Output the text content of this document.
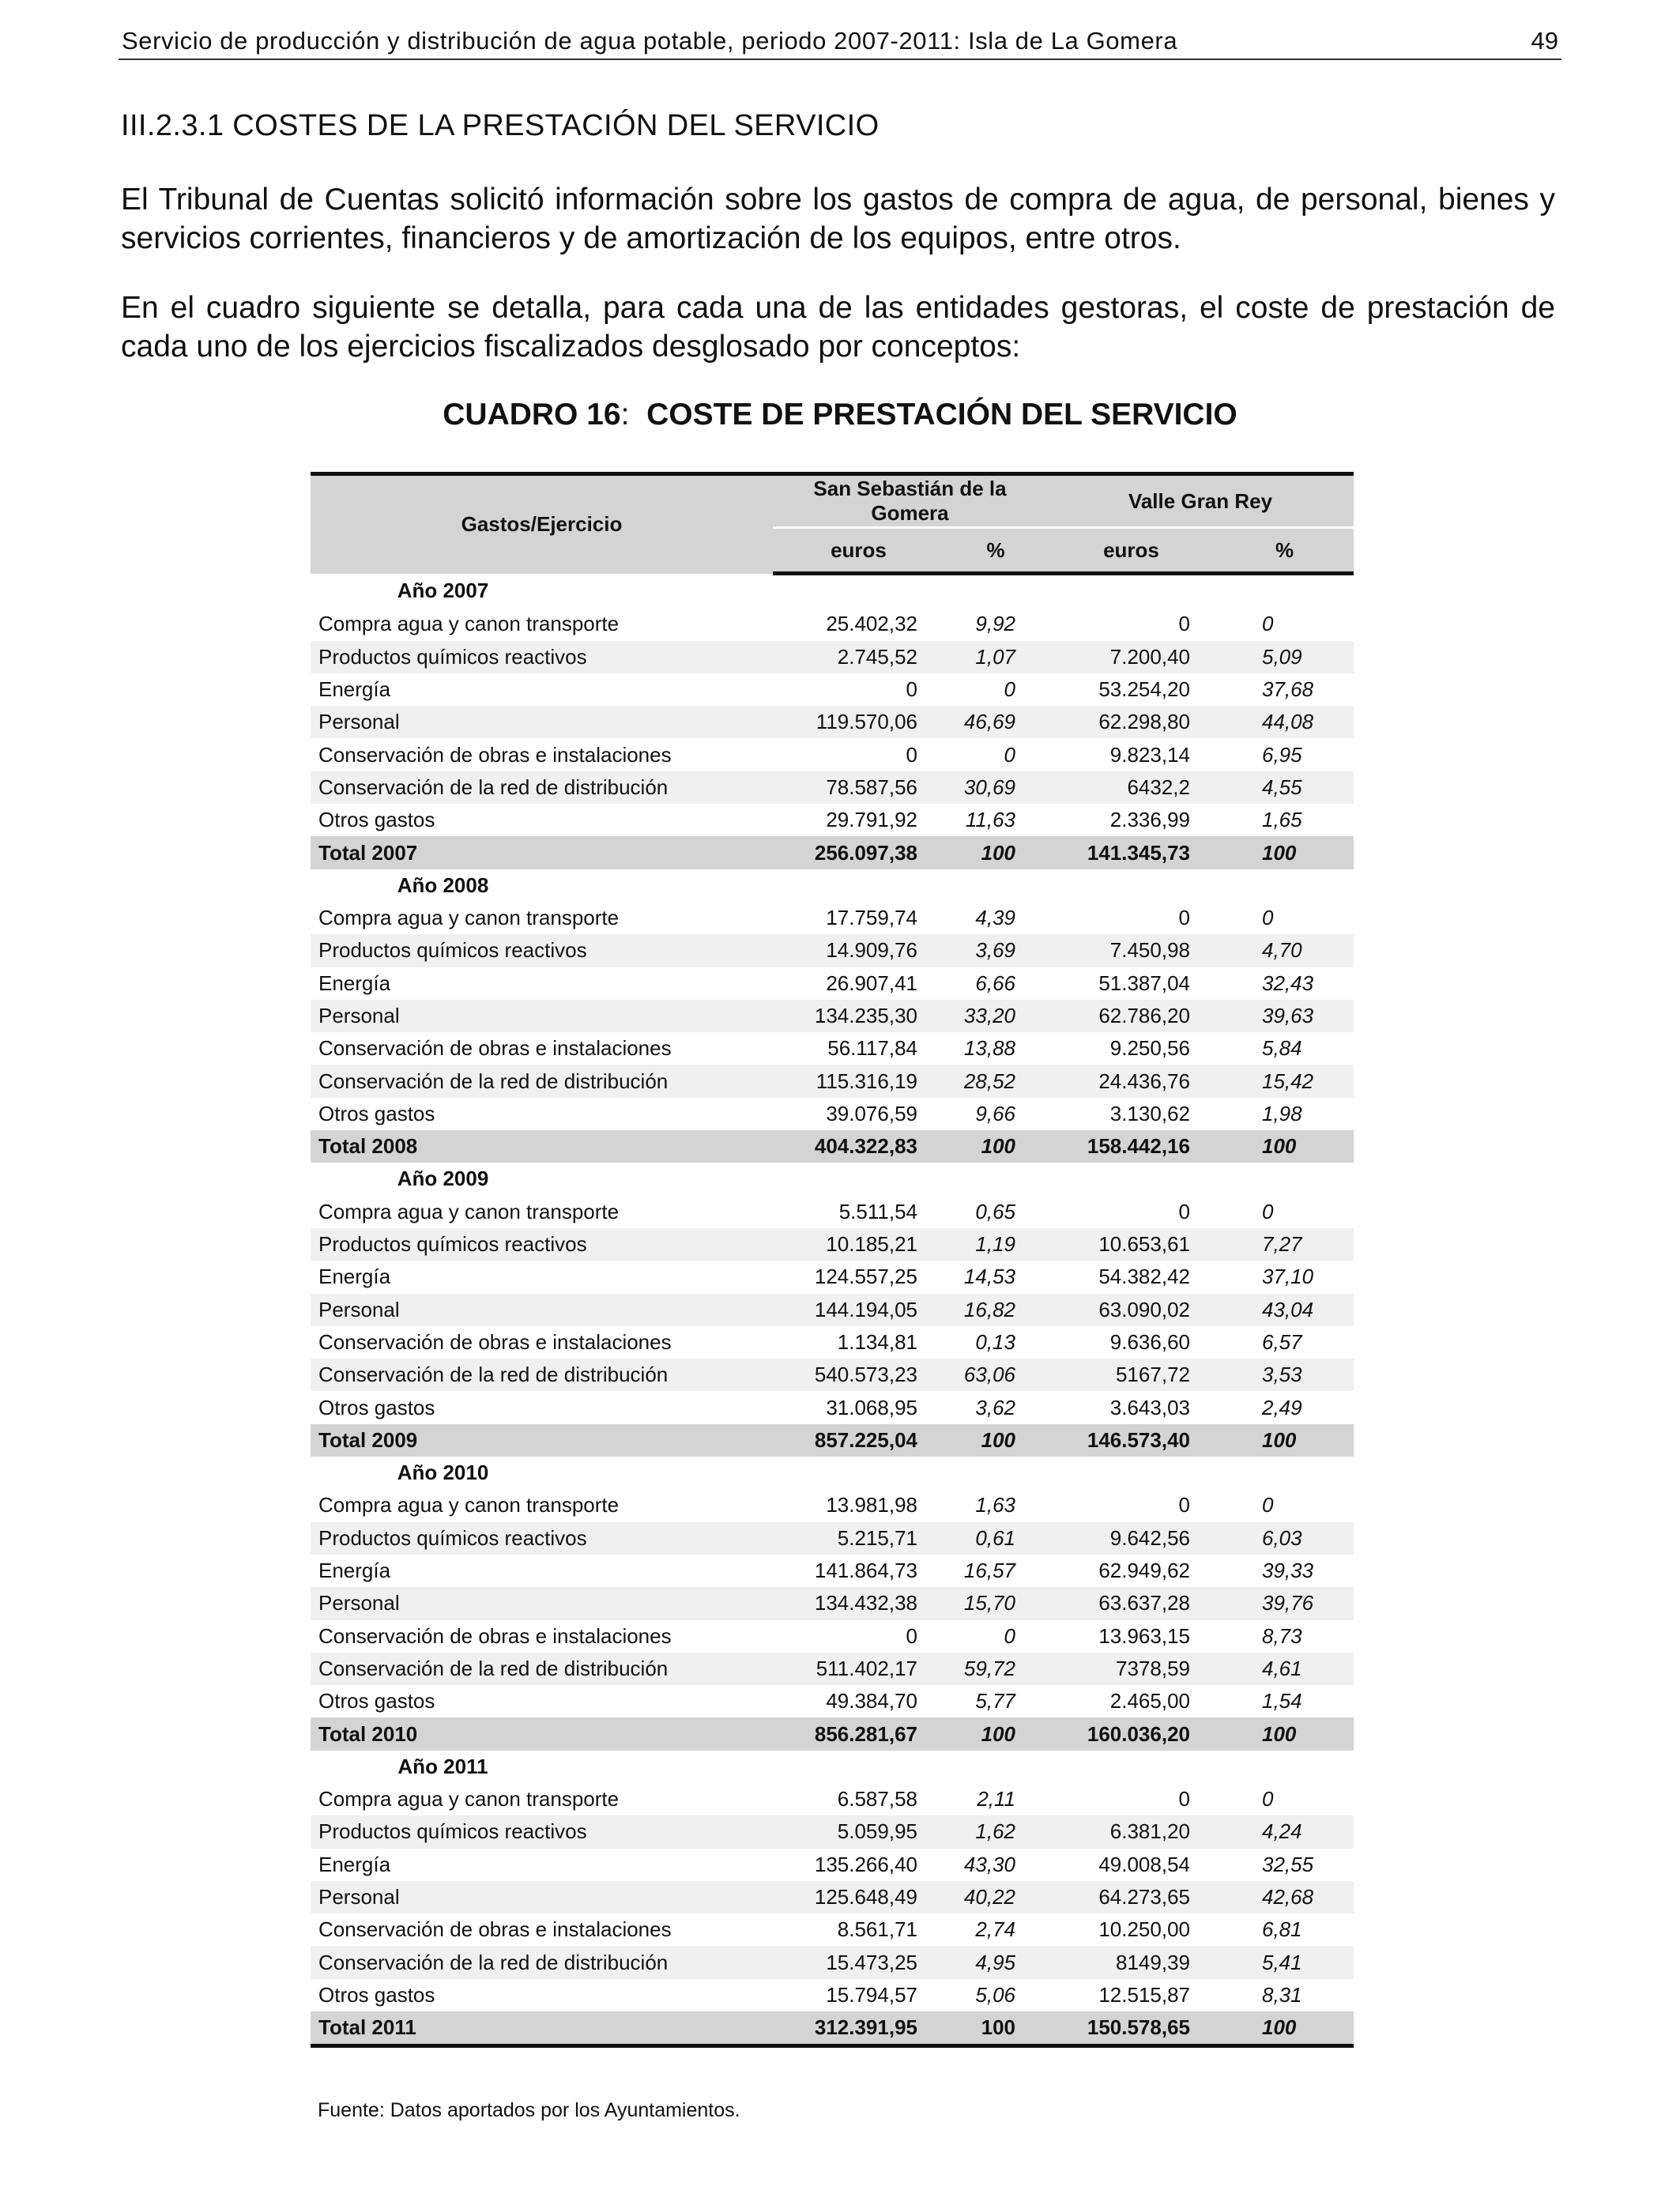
Servicio de producción y distribución de agua potable, periodo 2007-2011: Isla de La Gomera	49
III.2.3.1 COSTES DE LA PRESTACIÓN DEL SERVICIO

El Tribunal de Cuentas solicitó información sobre los gastos de compra de agua, de personal, bienes y servicios corrientes, financieros y de amortización de los equipos, entre otros.

En el cuadro siguiente se detalla, para cada una de las entidades gestoras, el coste de prestación de cada uno de los ejercicios fiscalizados desglosado por conceptos:

CUADRO 16: COSTE DE PRESTACIÓN DEL SERVICIO
Gastos/Ejercicio	San Sebastián de la Gomera		Valle Gran Rey	
	euros	%	euros	%
Año 2007				
Compra agua y canon transporte	25.402,32	9,92	0	0
Productos químicos reactivos	2.745,52	1,07	7.200,40	5,09
Energía	0	0	53.254,20	37,68
Personal	119.570,06	46,69	62.298,80	44,08
Conservación de obras e instalaciones	0	0	9.823,14	6,95
Conservación de la red de distribución	78.587,56	30,69	6432,2	4,55
Otros gastos	29.791,92	11,63	2.336,99	1,65
Total 2007	256.097,38	100	141.345,73	100
Año 2008				
Compra agua y canon transporte	17.759,74	4,39	0	0
Productos químicos reactivos	14.909,76	3,69	7.450,98	4,70
Energía	26.907,41	6,66	51.387,04	32,43
Personal	134.235,30	33,20	62.786,20	39,63
Conservación de obras e instalaciones	56.117,84	13,88	9.250,56	5,84
Conservación de la red de distribución	115.316,19	28,52	24.436,76	15,42
Otros gastos	39.076,59	9,66	3.130,62	1,98
Total 2008	404.322,83	100	158.442,16	100
Año 2009				
Compra agua y canon transporte	5.511,54	0,65	0	0
Productos químicos reactivos	10.185,21	1,19	10.653,61	7,27
Energía	124.557,25	14,53	54.382,42	37,10
Personal	144.194,05	16,82	63.090,02	43,04
Conservación de obras e instalaciones	1.134,81	0,13	9.636,60	6,57
Conservación de la red de distribución	540.573,23	63,06	5167,72	3,53
Otros gastos	31.068,95	3,62	3.643,03	2,49
Total 2009	857.225,04	100	146.573,40	100
Año 2010				
Compra agua y canon transporte	13.981,98	1,63	0	0
Productos químicos reactivos	5.215,71	0,61	9.642,56	6,03
Energía	141.864,73	16,57	62.949,62	39,33
Personal	134.432,38	15,70	63.637,28	39,76
Conservación de obras e instalaciones	0	0	13.963,15	8,73
Conservación de la red de distribución	511.402,17	59,72	7378,59	4,61
Otros gastos	49.384,70	5,77	2.465,00	1,54
Total 2010	856.281,67	100	160.036,20	100
Año 2011				
Compra agua y canon transporte	6.587,58	2,11	0	0
Productos químicos reactivos	5.059,95	1,62	6.381,20	4,24
Energía	135.266,40	43,30	49.008,54	32,55
Personal	125.648,49	40,22	64.273,65	42,68
Conservación de obras e instalaciones	8.561,71	2,74	10.250,00	6,81
Conservación de la red de distribución	15.473,25	4,95	8149,39	5,41
Otros gastos	15.794,57	5,06	12.515,87	8,31
Total 2011	312.391,95	100	150.578,65	100
Fuente: Datos aportados por los Ayuntamientos.
